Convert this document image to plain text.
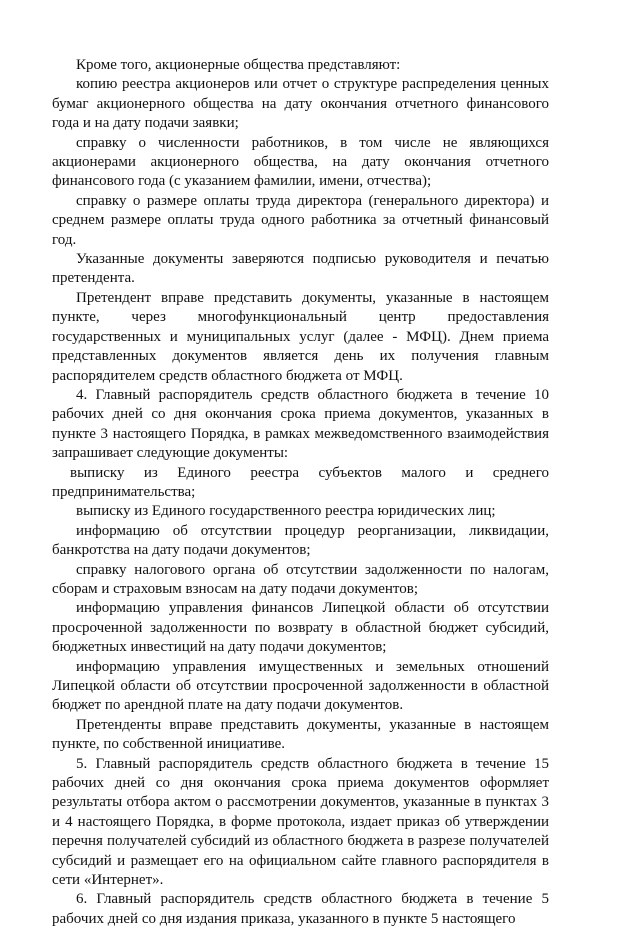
Кроме того, акционерные общества представляют:

копию реестра акционеров или отчет о структуре распределения ценных бумаг акционерного общества на дату окончания отчетного финансового года и на дату подачи заявки;

справку о численности работников, в том числе не являющихся акционерами акционерного общества, на дату окончания отчетного финансового года (с указанием фамилии, имени, отчества);

справку о размере оплаты труда директора (генерального директора) и среднем размере оплаты труда одного работника за отчетный финансовый год.

Указанные документы заверяются подписью руководителя и печатью претендента.

Претендент вправе представить документы, указанные в настоящем пункте, через многофункциональный центр предоставления государственных и муниципальных услуг (далее - МФЦ). Днем приема представленных документов является день их получения главным распорядителем средств областного бюджета от МФЦ.

4. Главный распорядитель средств областного бюджета в течение 10 рабочих дней со дня окончания срока приема документов, указанных в пункте 3 настоящего Порядка, в рамках межведомственного взаимодействия запрашивает следующие документы:

выписку из Единого реестра субъектов малого и среднего предпринимательства;

выписку из Единого государственного реестра юридических лиц;

информацию об отсутствии процедур реорганизации, ликвидации, банкротства на дату подачи документов;

справку налогового органа об отсутствии задолженности по налогам, сборам и страховым взносам на дату подачи документов;

информацию управления финансов Липецкой области об отсутствии просроченной задолженности по возврату в областной бюджет субсидий, бюджетных инвестиций на дату подачи документов;

информацию управления имущественных и земельных отношений Липецкой области об отсутствии просроченной задолженности в областной бюджет по арендной плате на дату подачи документов.

Претенденты вправе представить документы, указанные в настоящем пункте, по собственной инициативе.

5. Главный распорядитель средств областного бюджета в течение 15 рабочих дней со дня окончания срока приема документов оформляет результаты отбора актом о рассмотрении документов, указанные в пунктах 3 и 4 настоящего Порядка, в форме протокола, издает приказ об утверждении перечня получателей субсидий из областного бюджета в разрезе получателей субсидий и размещает его на официальном сайте главного распорядителя в сети «Интернет».

6. Главный распорядитель средств областного бюджета в течение 5 рабочих дней со дня издания приказа, указанного в пункте 5 настоящего
